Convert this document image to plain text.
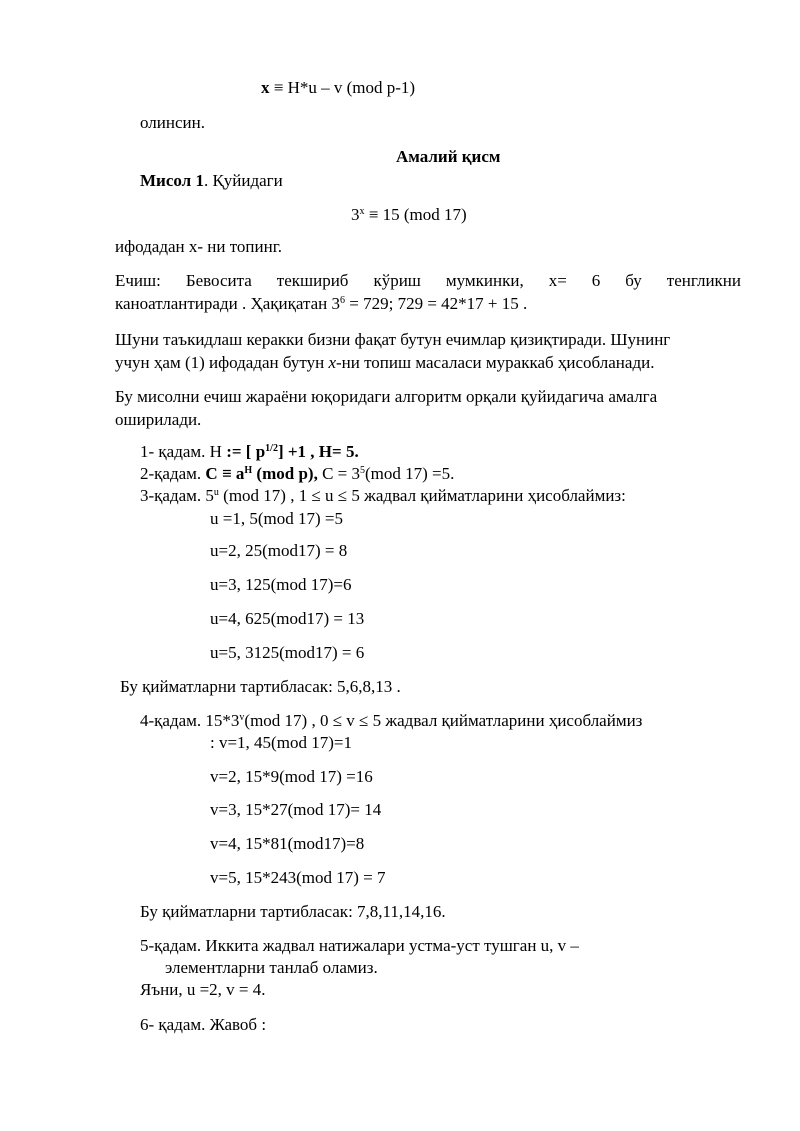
x ≡ H*u – v (mod p-1)
олинсин.
Амалий қисм
Мисол 1. Қуйидаги
$3^x \equiv 15$ (mod 17)
ифодадан х- ни топинг.
Ечиш: Бевосита текшириб кўриш мумкинки, х= 6 бу тенгликни
каноатлантиради . Ҳақиқатан $3^6 = 729$; 729 = 42*17 + 15 .
Шуни таъкидлаш керакки бизни фақат бутун ечимлар қизиқтиради. Шунинг
учун ҳам (1) ифодадан бутун x-ни топиш масаласи мураккаб ҳисобланади.
Бу мисолни ечиш жараёни юқоридаги алгоритм орқали қуйидагича амалга
оширилади.
1- қадам. Н := [ $p^{1/2}] +1$ , H= 5.
2-қадам. $C \equiv a^H$ (mod p), $С = 3^5(mod$ 17) =5.
3-қадам. 5$^u$ (mod 17) , 1 ≤ u ≤ 5 жадвал қийматларини ҳисоблаймиз:
u =1, 5(mod 17) =5
u=2, 25(mod17) = 8
u=3, 125(mod 17)=6
u=4, 625(mod17) = 13
u=5, 3125(mod17) = 6
Бу қийматларни тартибласак: 5,6,8,13 .
4-қадам. 15*3$^v$(mod 17) , 0 ≤ v ≤ 5 жадвал қийматларини ҳисоблаймиз
: v=1, 45(mod 17)=1
v=2, 15*9(mod 17) =16
v=3, 15*27(mod 17)= 14
v=4, 15*81(mod17)=8
v=5, 15*243(mod 17) = 7
Бу қийматларни тартибласак: 7,8,11,14,16.
5-қадам. Иккита жадвал натижалари устма-уст тушган u, v –
элементларни танлаб оламиз.
Яъни, u =2, v = 4.
6- қадам. Жавоб :
